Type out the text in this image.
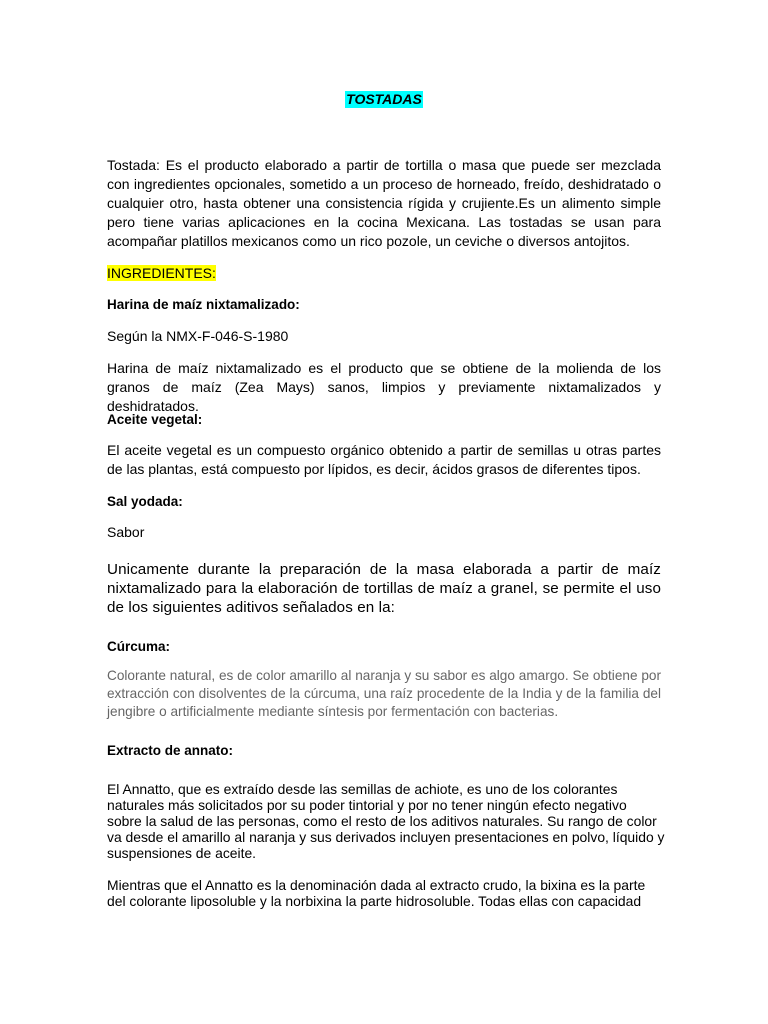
TOSTADAS

Tostada: Es el producto elaborado a partir de tortilla o masa que puede ser mezclada con ingredientes opcionales, sometido a un proceso de horneado, freído, deshidratado o cualquier otro, hasta obtener una consistencia rígida y crujiente.Es un alimento simple pero tiene varias aplicaciones en la cocina Mexicana. Las tostadas se usan para acompañar platillos mexicanos como un rico pozole, un ceviche o diversos antojitos.

INGREDIENTES:

Harina de maíz nixtamalizado:

Según la NMX-F-046-S-1980

Harina de maíz nixtamalizado es el producto que se obtiene de la molienda de los granos de maíz (Zea Mays) sanos, limpios y previamente nixtamalizados y deshidratados.

Aceite vegetal:

El aceite vegetal es un compuesto orgánico obtenido a partir de semillas u otras partes de las plantas, está compuesto por lípidos, es decir, ácidos grasos de diferentes tipos.

Sal yodada:

Sabor

Unicamente durante la preparación de la masa elaborada a partir de maíz nixtamalizado para la elaboración de tortillas de maíz a granel, se permite el uso de los siguientes aditivos señalados en la:

Cúrcuma:

Colorante natural, es de color amarillo al naranja y su sabor es algo amargo. Se obtiene por extracción con disolventes de la cúrcuma, una raíz procedente de la India y de la familia del jengibre o artificialmente mediante síntesis por fermentación con bacterias.

Extracto de annato:

El Annatto, que es extraído desde las semillas de achiote, es uno de los colorantes
naturales más solicitados por su poder tintorial y por no tener ningún efecto negativo
sobre la salud de las personas, como el resto de los aditivos naturales. Su rango de color
va desde el amarillo al naranja y sus derivados incluyen presentaciones en polvo, líquido y
suspensiones de aceite.
Mientras que el Annatto es la denominación dada al extracto crudo, la bixina es la parte
del colorante liposoluble y la norbixina la parte hidrosoluble. Todas ellas con capacidad
